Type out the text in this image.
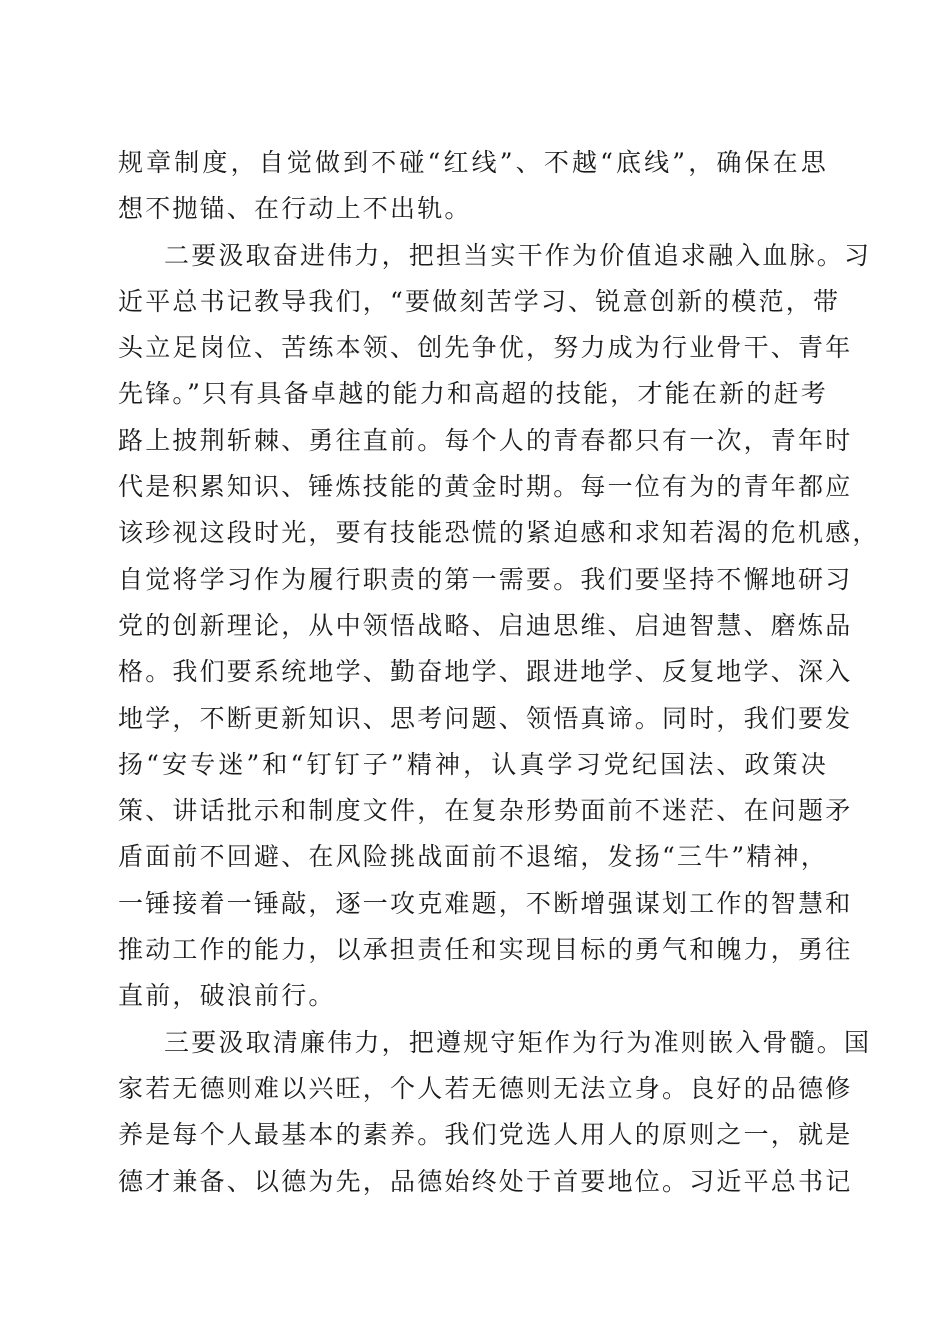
规章制度，自觉做到不碰“红线”、不越“底线”，确保在思
想不抛锚、在行动上不出轨。
二要汲取奋进伟力，把担当实干作为价值追求融入血脉。习
近平总书记教导我们，“要做刻苦学习、锐意创新的模范，带
头立足岗位、苦练本领、创先争优，努力成为行业骨干、青年
先锋。”只有具备卓越的能力和高超的技能，才能在新的赶考
路上披荆斩棘、勇往直前。每个人的青春都只有一次，青年时
代是积累知识、锤炼技能的黄金时期。每一位有为的青年都应
该珍视这段时光，要有技能恐慌的紧迫感和求知若渴的危机感，
自觉将学习作为履行职责的第一需要。我们要坚持不懈地研习
党的创新理论，从中领悟战略、启迪思维、启迪智慧、磨炼品
格。我们要系统地学、勤奋地学、跟进地学、反复地学、深入
地学，不断更新知识、思考问题、领悟真谛。同时，我们要发
扬“安专迷”和“钉钉子”精神，认真学习党纪国法、政策决
策、讲话批示和制度文件，在复杂形势面前不迷茫、在问题矛
盾面前不回避、在风险挑战面前不退缩，发扬“三牛”精神，
一锤接着一锤敲，逐一攻克难题，不断增强谋划工作的智慧和
推动工作的能力，以承担责任和实现目标的勇气和魄力，勇往
直前，破浪前行。
三要汲取清廉伟力，把遵规守矩作为行为准则嵌入骨髓。国
家若无德则难以兴旺，个人若无德则无法立身。良好的品德修
养是每个人最基本的素养。我们党选人用人的原则之一，就是
德才兼备、以德为先，品德始终处于首要地位。习近平总书记
